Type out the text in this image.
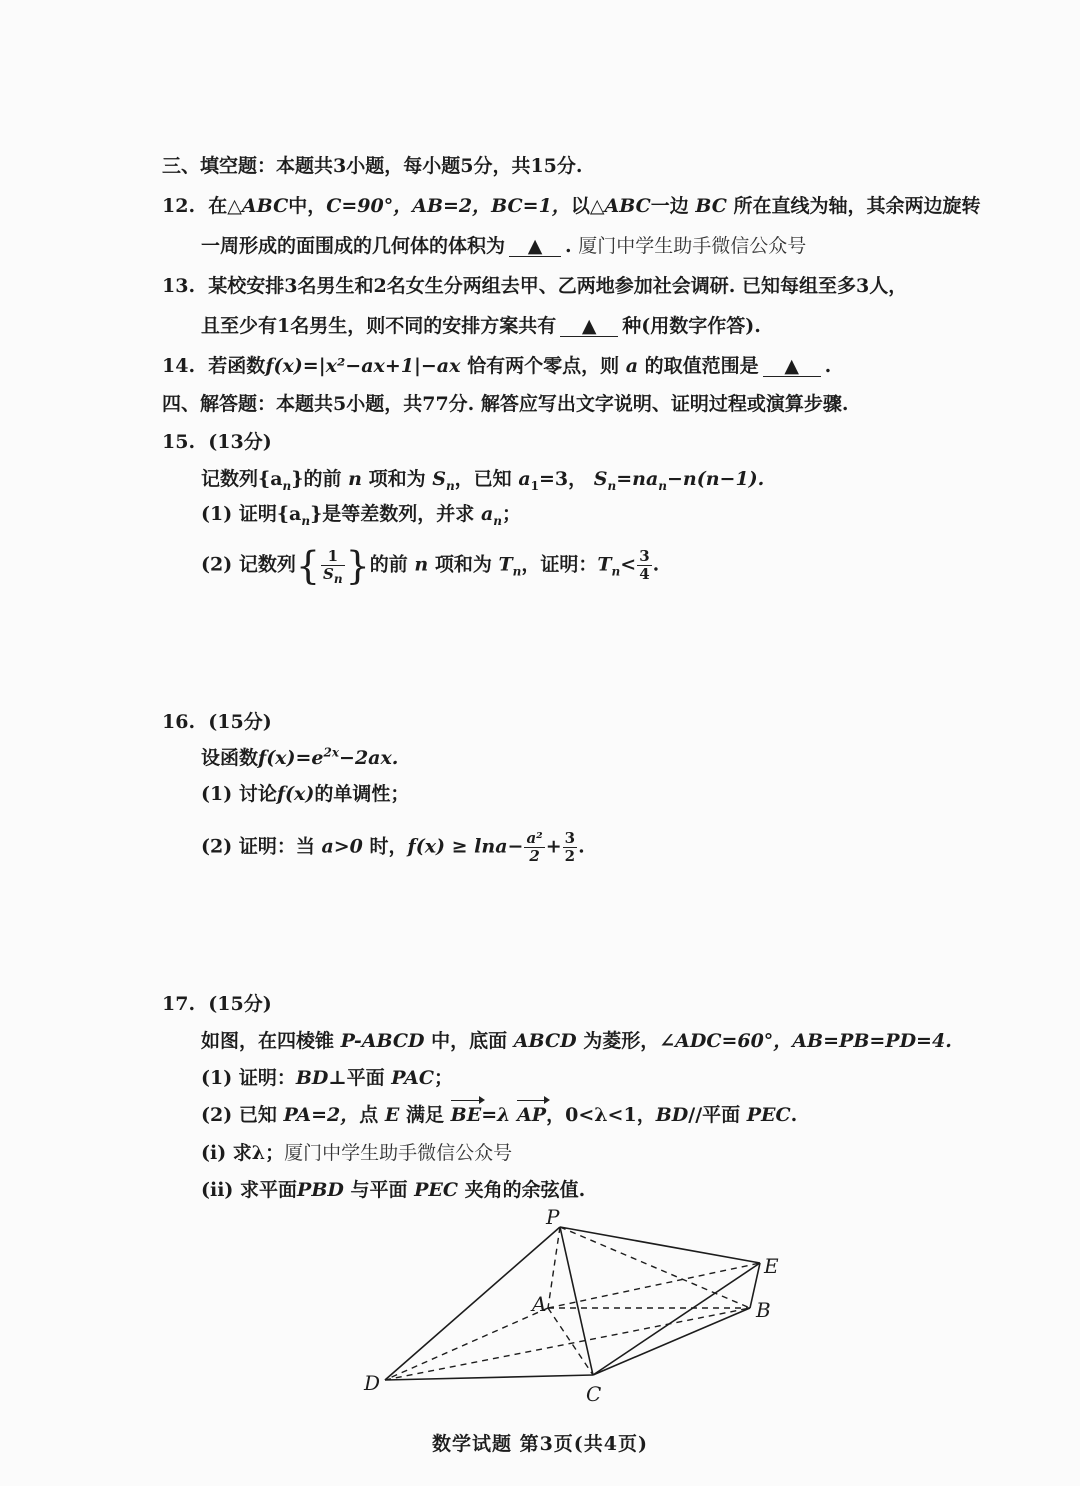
三、填空题：本题共3小题，每小题5分，共15分.
12. 在△ABC中，C=90°，AB=2，BC=1，以△ABC一边 BC 所在直线为轴，其余两边旋转
一周形成的面围成的几何体的体积为 ▲ . 厦门中学生助手微信公众号
13. 某校安排3名男生和2名女生分两组去甲、乙两地参加社会调研. 已知每组至多3人，
且至少有1名男生，则不同的安排方案共有 ▲ 种(用数字作答).
14. 若函数f(x)=|x²−ax+1|−ax 恰有两个零点，则 a 的取值范围是 ▲ .
四、解答题：本题共5小题，共77分. 解答应写出文字说明、证明过程或演算步骤.
15. (13分)
记数列$\{a_n\}$的前 n 项和为 $S_n$，已知 $a_1=3$， $S_n=na_n-n(n-1)$.
(1) 证明$\{a_n\}$是等差数列，并求 $a_n$；
(2) 记数列{ $\frac{1}{S_n}$ }的前 n 项和为 $T_n$，证明：$T_n< \frac{3}{4}$ .
16. (15分)
设函数$f(x)=e^{2x}-2ax$.
(1) 讨论f(x)的单调性；
(2) 证明：当 a>0 时，$f(x) \ge \ln a- \frac{\text{a²}}{2} + \frac{3}{2}$ .
17. (15分)
如图，在四棱锥 P-ABCD 中，底面 ABCD 为菱形，∠ADC=60°，AB=PB=PD=4.
(1) 证明：BD⊥平面 PAC；
(2) 已知 PA=2，点 E 满足 BE=λ AP，0<λ<1，BD//平面 PEC.
(i) 求λ；厦门中学生助手微信公众号
(ii) 求平面PBD 与平面 PEC 夹角的余弦值.
P
E
A	B
D	C
数学试题 第3页(共4页)
